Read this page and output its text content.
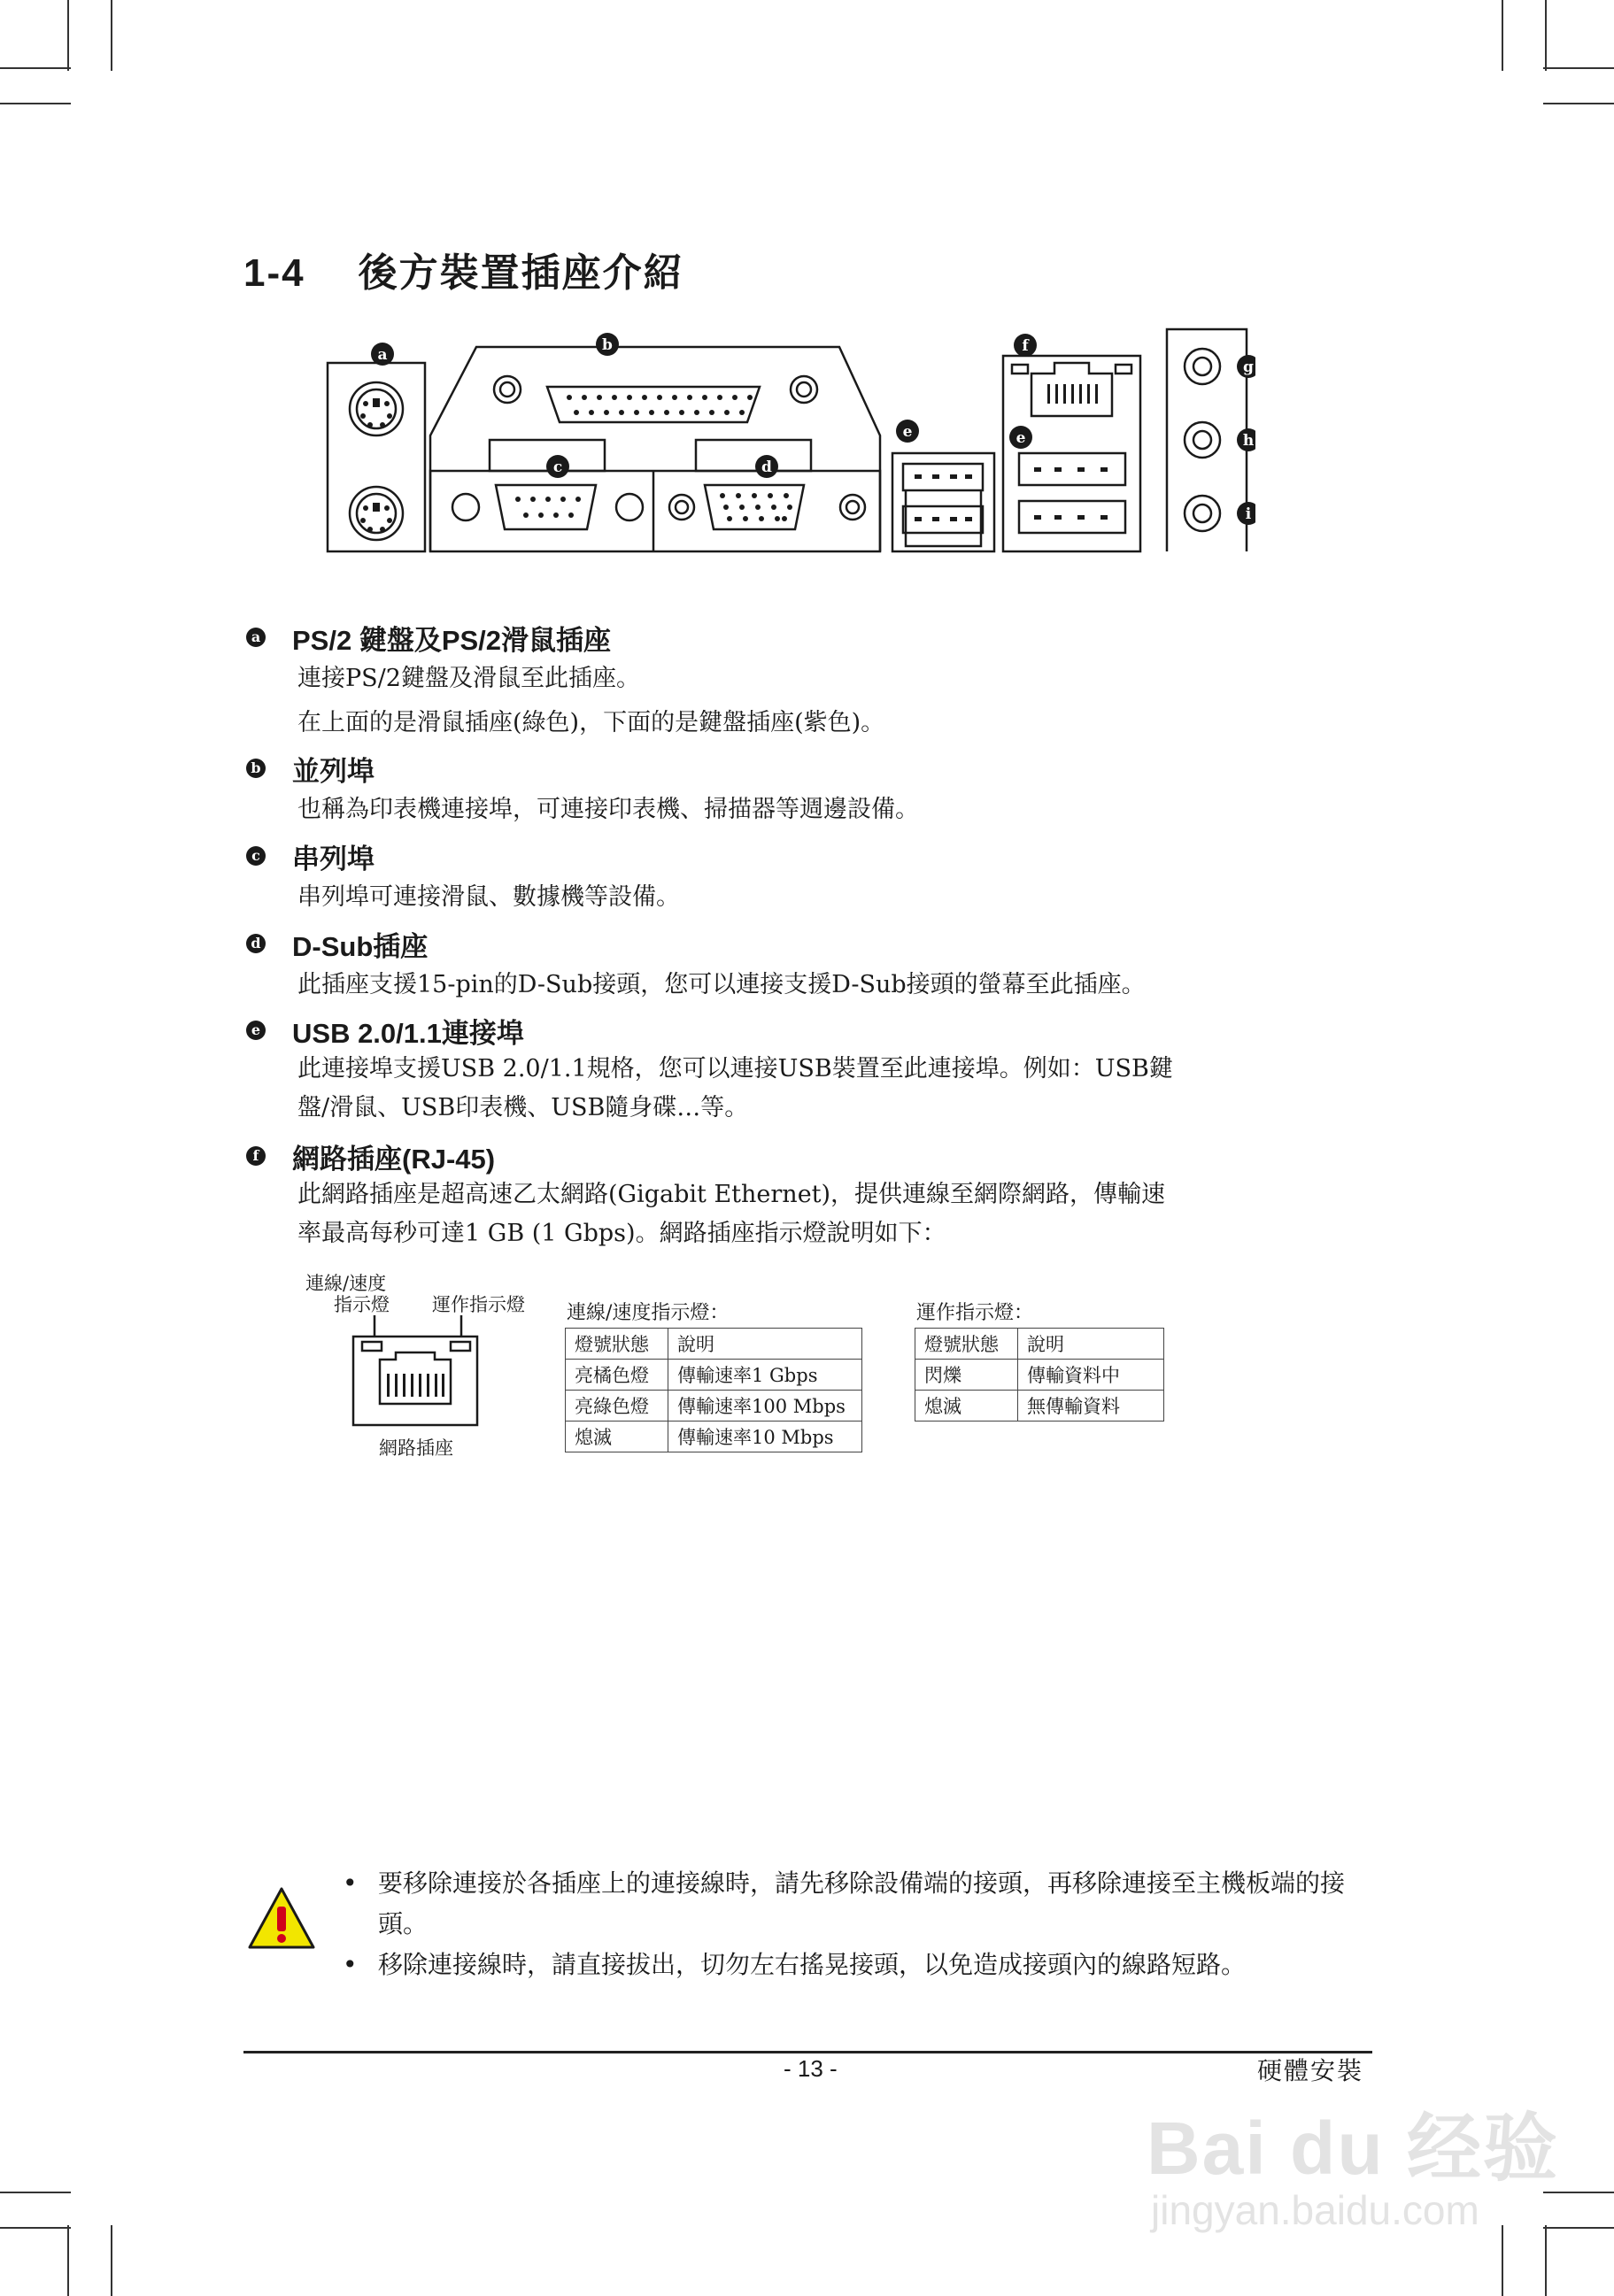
1-4 後方裝置插座介紹
a
b
c	d
e	e
f
g
h
i
a PS/2 鍵盤及PS/2滑鼠插座
連接PS/2鍵盤及滑鼠至此插座。
在上面的是滑鼠插座(綠色)，下面的是鍵盤插座(紫色)。
b 並列埠
也稱為印表機連接埠，可連接印表機、掃描器等週邊設備。
c 串列埠
串列埠可連接滑鼠、數據機等設備。
d D-Sub插座
此插座支援15-pin的D-Sub接頭，您可以連接支援D-Sub接頭的螢幕至此插座。
e USB 2.0/1.1連接埠
此連接埠支援USB 2.0/1.1規格，您可以連接USB裝置至此連接埠。例如：USB鍵盤/滑鼠、USB印表機、USB隨身碟…等。
f 網路插座(RJ-45)
此網路插座是超高速乙太網路(Gigabit Ethernet)，提供連線至網際網路，傳輸速率最高每秒可達1 GB (1 Gbps)。網路插座指示燈說明如下：
連線/速度
指示燈 運作指示燈
網路插座
連線/速度指示燈：
燈號狀態	說明
亮橘色燈	傳輸速率1 Gbps
亮綠色燈	傳輸速率100 Mbps
熄滅	傳輸速率10 Mbps
運作指示燈：
燈號狀態	說明
閃爍	傳輸資料中
熄滅	無傳輸資料
• 要移除連接於各插座上的連接線時，請先移除設備端的接頭，再移除連接至主機板端的接頭。
• 移除連接線時，請直接拔出，切勿左右搖晃接頭，以免造成接頭內的線路短路。
- 13 -	硬體安裝
Bai du 经验
jingyan.baidu.com
